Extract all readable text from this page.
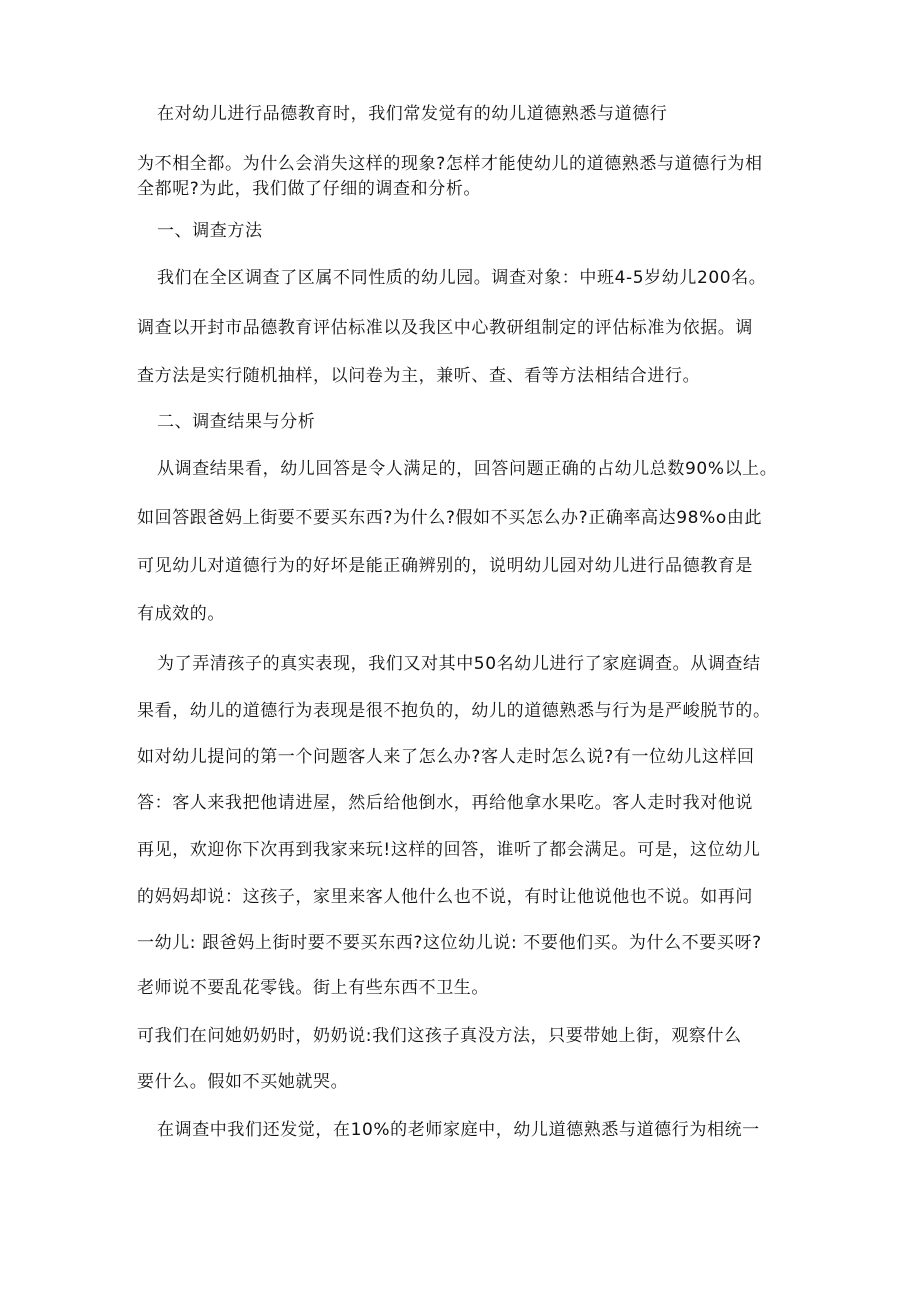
在对幼儿进行品德教育时，我们常发觉有的幼儿道德熟悉与道德行
为不相全都。为什么会消失这样的现象?怎样才能使幼儿的道德熟悉与道德行为相
全都呢?为此，我们做了仔细的调查和分析。
一、调查方法
我们在全区调查了区属不同性质的幼儿园。调查对象：中班4-5岁幼儿200名。
调查以开封市品德教育评估标准以及我区中心教研组制定的评估标准为依据。调
查方法是实行随机抽样，以问卷为主，兼听、查、看等方法相结合进行。
二、调查结果与分析
从调查结果看，幼儿回答是令人满足的，回答问题正确的占幼儿总数90%以上。
如回答跟爸妈上街要不要买东西?为什么?假如不买怎么办?正确率高达98%o由此
可见幼儿对道德行为的好坏是能正确辨别的，说明幼儿园对幼儿进行品德教育是
有成效的。
为了弄清孩子的真实表现，我们又对其中50名幼儿进行了家庭调查。从调查结
果看，幼儿的道德行为表现是很不抱负的，幼儿的道德熟悉与行为是严峻脱节的。
如对幼儿提问的第一个问题客人来了怎么办?客人走时怎么说?有一位幼儿这样回
答：客人来我把他请进屋，然后给他倒水，再给他拿水果吃。客人走时我对他说
再见，欢迎你下次再到我家来玩!这样的回答，谁听了都会满足。可是，这位幼儿
的妈妈却说：这孩子，家里来客人他什么也不说，有时让他说他也不说。如再问
一幼儿: 跟爸妈上街时要不要买东西?这位幼儿说: 不要他们买。为什么不要买呀?
老师说不要乱花零钱。街上有些东西不卫生。
可我们在问她奶奶时，奶奶说:我们这孩子真没方法，只要带她上街，观察什么
要什么。假如不买她就哭。
在调查中我们还发觉，在10%的老师家庭中，幼儿道德熟悉与道德行为相统一
